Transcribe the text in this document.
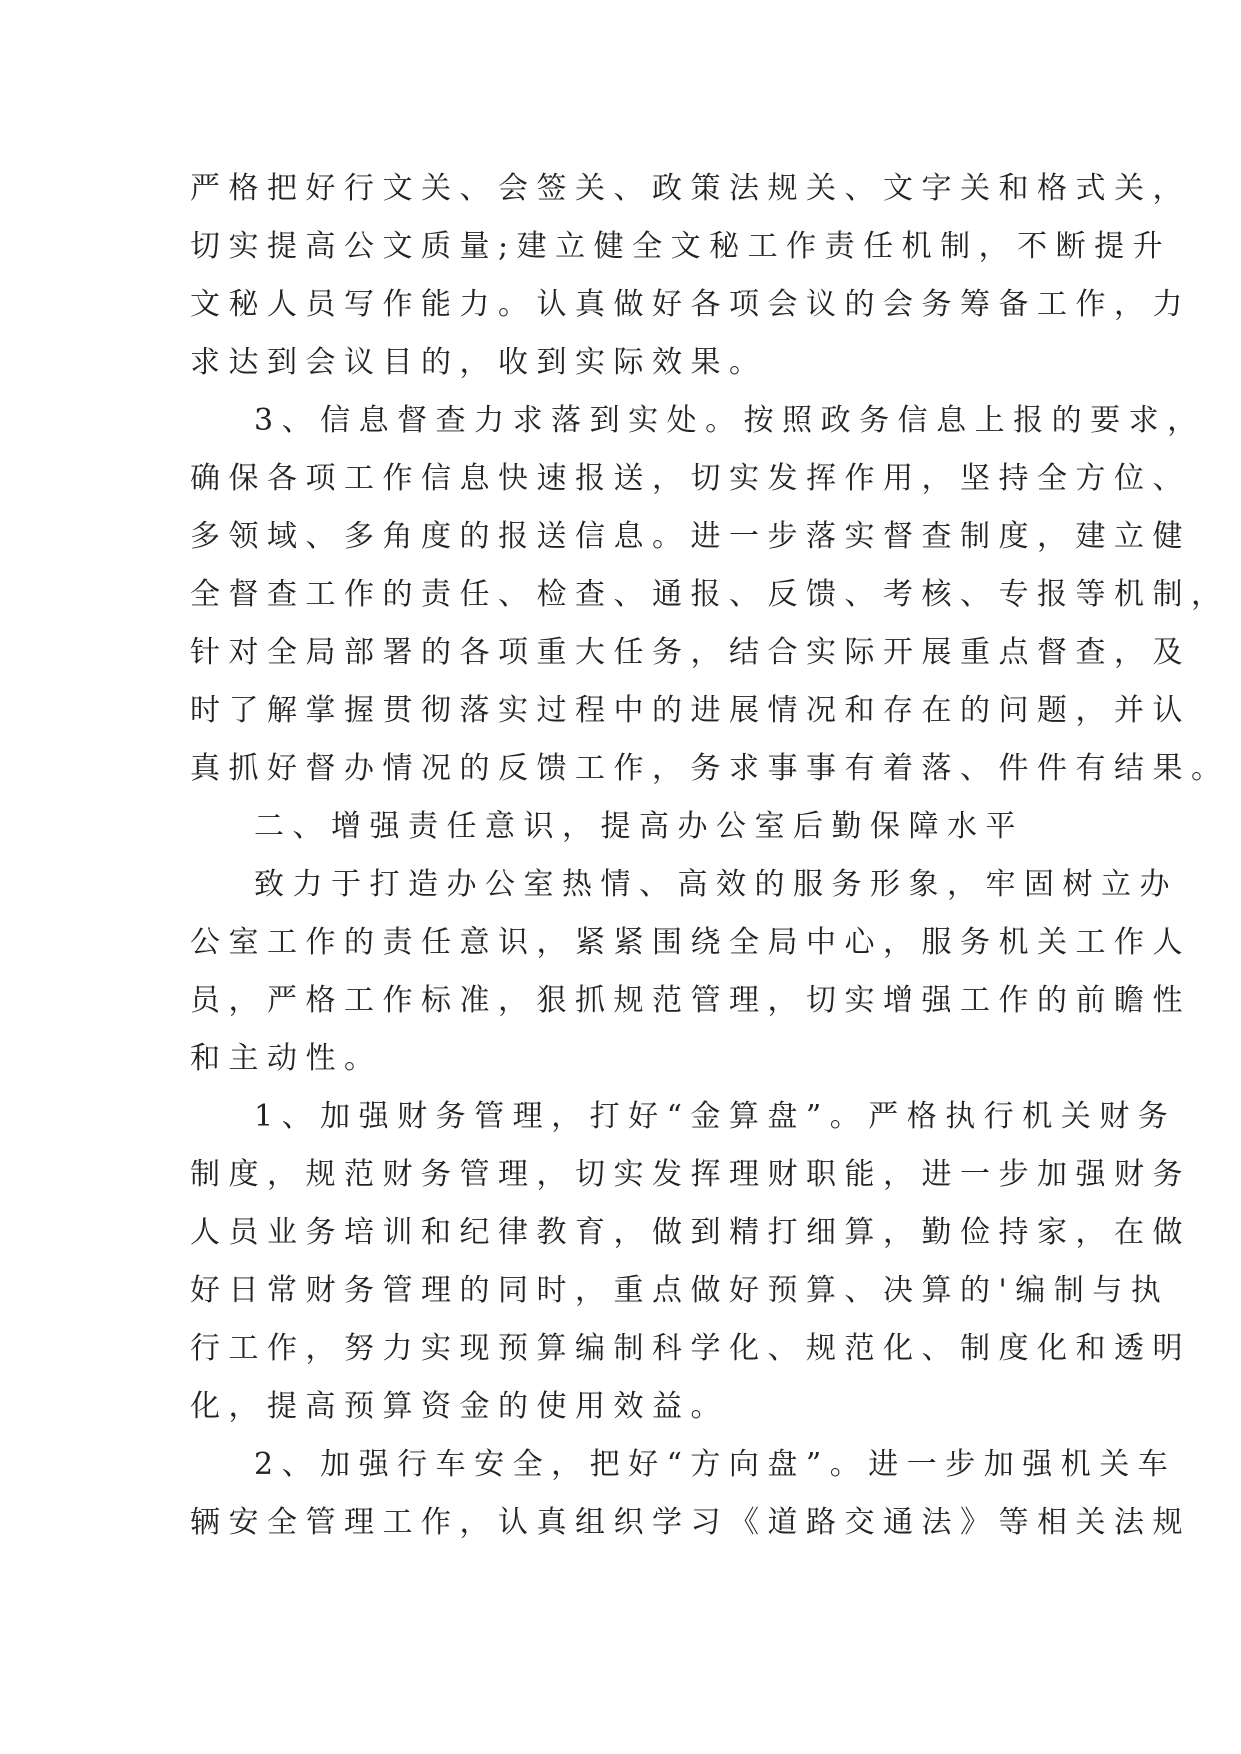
严格把好行文关、会签关、政策法规关、文字关和格式关，
切实提高公文质量;建立健全文秘工作责任机制，不断提升
文秘人员写作能力。认真做好各项会议的会务筹备工作，力
求达到会议目的，收到实际效果。
3、信息督查力求落到实处。按照政务信息上报的要求，
确保各项工作信息快速报送，切实发挥作用，坚持全方位、
多领域、多角度的报送信息。进一步落实督查制度，建立健
全督查工作的责任、检查、通报、反馈、考核、专报等机制，
针对全局部署的各项重大任务，结合实际开展重点督查，及
时了解掌握贯彻落实过程中的进展情况和存在的问题，并认
真抓好督办情况的反馈工作，务求事事有着落、件件有结果。
二、增强责任意识，提高办公室后勤保障水平
致力于打造办公室热情、高效的服务形象，牢固树立办
公室工作的责任意识，紧紧围绕全局中心，服务机关工作人
员，严格工作标准，狠抓规范管理，切实增强工作的前瞻性
和主动性。
1、加强财务管理，打好“金算盘”。严格执行机关财务
制度，规范财务管理，切实发挥理财职能，进一步加强财务
人员业务培训和纪律教育，做到精打细算，勤俭持家，在做
好日常财务管理的同时，重点做好预算、决算的'编制与执
行工作，努力实现预算编制科学化、规范化、制度化和透明
化，提高预算资金的使用效益。
2、加强行车安全，把好“方向盘”。进一步加强机关车
辆安全管理工作，认真组织学习《道路交通法》等相关法规
